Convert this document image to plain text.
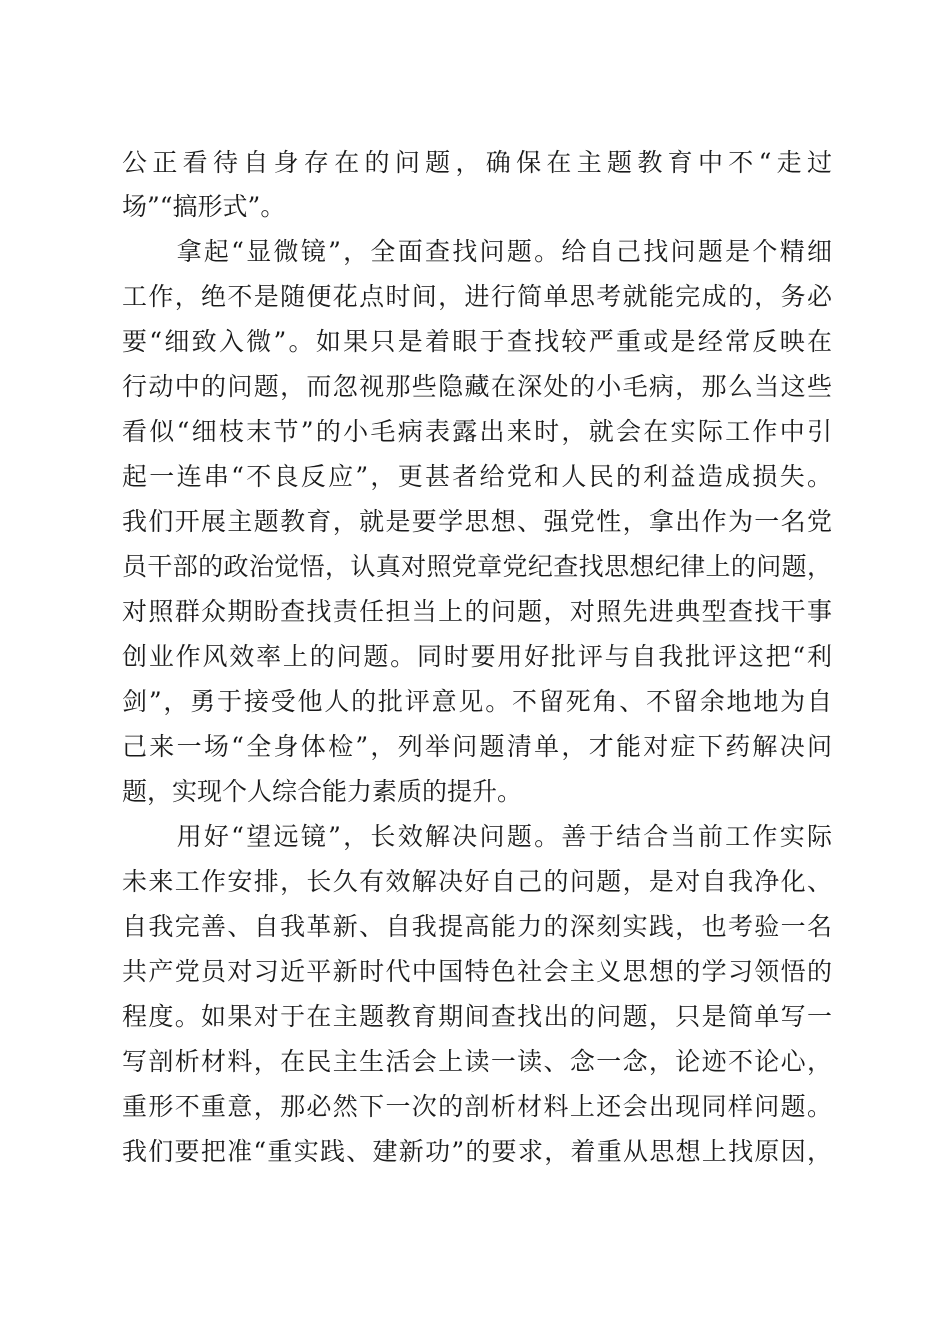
公正看待自身存在的问题，确保在主题教育中不“走过
场”“搞形式”。
　　拿起“显微镜”，全面查找问题。给自己找问题是个精细
工作，绝不是随便花点时间，进行简单思考就能完成的，务必
要“细致入微”。如果只是着眼于查找较严重或是经常反映在
行动中的问题，而忽视那些隐藏在深处的小毛病，那么当这些
看似“细枝末节”的小毛病表露出来时，就会在实际工作中引
起一连串“不良反应”，更甚者给党和人民的利益造成损失。
我们开展主题教育，就是要学思想、强党性，拿出作为一名党
员干部的政治觉悟，认真对照党章党纪查找思想纪律上的问题，
对照群众期盼查找责任担当上的问题，对照先进典型查找干事
创业作风效率上的问题。同时要用好批评与自我批评这把“利
剑”，勇于接受他人的批评意见。不留死角、不留余地地为自
己来一场“全身体检”，列举问题清单，才能对症下药解决问
题，实现个人综合能力素质的提升。
　　用好“望远镜”，长效解决问题。善于结合当前工作实际
未来工作安排，长久有效解决好自己的问题，是对自我净化、
自我完善、自我革新、自我提高能力的深刻实践，也考验一名
共产党员对习近平新时代中国特色社会主义思想的学习领悟的
程度。如果对于在主题教育期间查找出的问题，只是简单写一
写剖析材料，在民主生活会上读一读、念一念，论迹不论心，
重形不重意，那必然下一次的剖析材料上还会出现同样问题。
我们要把准“重实践、建新功”的要求，着重从思想上找原因，
